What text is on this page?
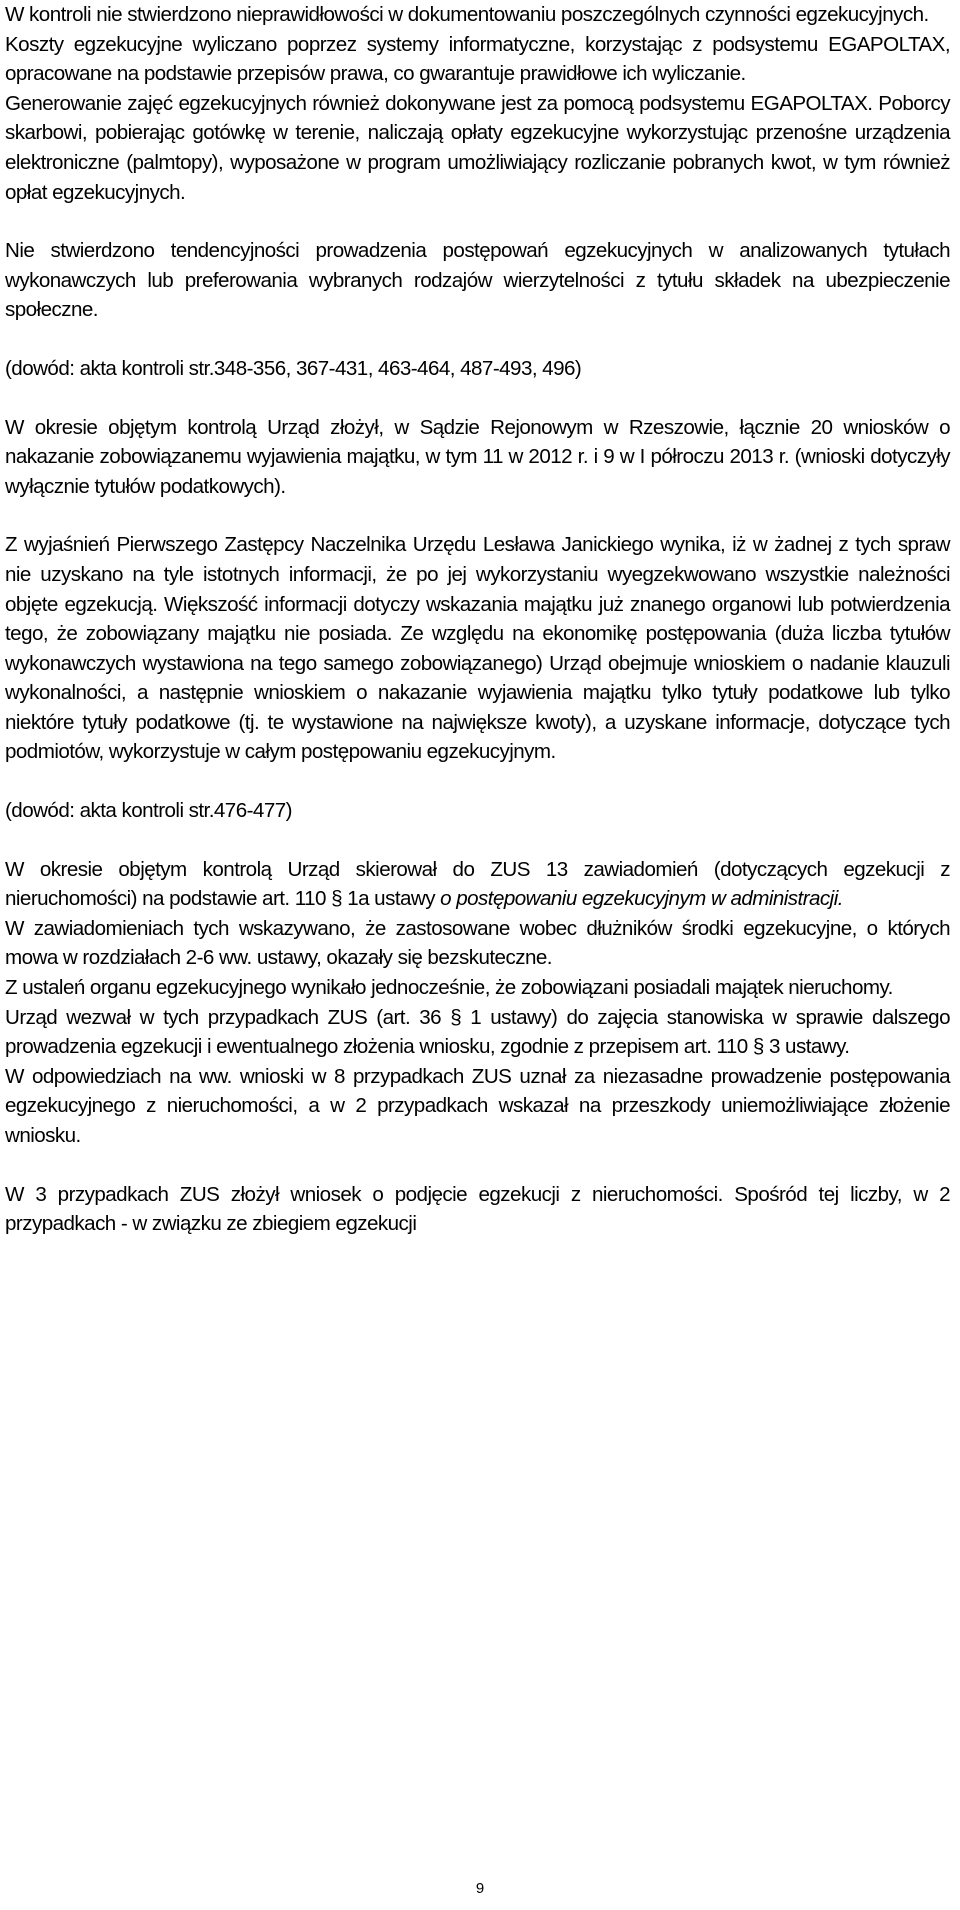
W kontroli nie stwierdzono nieprawidłowości w dokumentowaniu poszczególnych czynności egzekucyjnych.

Koszty egzekucyjne wyliczano poprzez systemy informatyczne, korzystając z podsystemu EGAPOLTAX, opracowane na podstawie przepisów prawa, co gwarantuje prawidłowe ich wyliczanie.

Generowanie zajęć egzekucyjnych również dokonywane jest za pomocą podsystemu EGAPOLTAX. Poborcy skarbowi, pobierając gotówkę w terenie, naliczają opłaty egzekucyjne wykorzystując przenośne urządzenia elektroniczne (palmtopy), wyposażone w program umożliwiający rozliczanie pobranych kwot, w tym również opłat egzekucyjnych.

Nie stwierdzono tendencyjności prowadzenia postępowań egzekucyjnych w analizowanych tytułach wykonawczych lub preferowania wybranych rodzajów wierzytelności z tytułu składek na ubezpieczenie społeczne.

(dowód: akta kontroli str.348-356, 367-431, 463-464, 487-493, 496)

W okresie objętym kontrolą Urząd złożył, w Sądzie Rejonowym w Rzeszowie, łącznie 20 wniosków o nakazanie zobowiązanemu wyjawienia majątku, w tym 11 w 2012 r. i 9 w I półroczu 2013 r. (wnioski dotyczyły wyłącznie tytułów podatkowych).

Z wyjaśnień Pierwszego Zastępcy Naczelnika Urzędu Lesława Janickiego wynika, iż w żadnej z tych spraw nie uzyskano na tyle istotnych informacji, że po jej wykorzystaniu wyegzekwowano wszystkie należności objęte egzekucją. Większość informacji dotyczy wskazania majątku już znanego organowi lub potwierdzenia tego, że zobowiązany majątku nie posiada. Ze względu na ekonomikę postępowania (duża liczba tytułów wykonawczych wystawiona na tego samego zobowiązanego) Urząd obejmuje wnioskiem o nadanie klauzuli wykonalności, a następnie wnioskiem o nakazanie wyjawienia majątku tylko tytuły podatkowe lub tylko niektóre tytuły podatkowe (tj. te wystawione na największe kwoty), a uzyskane informacje, dotyczące tych podmiotów, wykorzystuje w całym postępowaniu egzekucyjnym.

(dowód: akta kontroli str.476-477)

W okresie objętym kontrolą Urząd skierował do ZUS 13 zawiadomień (dotyczących egzekucji z nieruchomości) na podstawie art. 110 § 1a ustawy o postępowaniu egzekucyjnym w administracji.

W zawiadomieniach tych wskazywano, że zastosowane wobec dłużników środki egzekucyjne, o których mowa w rozdziałach 2-6 ww. ustawy, okazały się bezskuteczne.

Z ustaleń organu egzekucyjnego wynikało jednocześnie, że zobowiązani posiadali majątek nieruchomy.

Urząd wezwał w tych przypadkach ZUS (art. 36 § 1 ustawy) do zajęcia stanowiska w sprawie dalszego prowadzenia egzekucji i ewentualnego złożenia wniosku, zgodnie z przepisem art. 110 § 3 ustawy.

W odpowiedziach na ww. wnioski w 8 przypadkach ZUS uznał za niezasadne prowadzenie postępowania egzekucyjnego z nieruchomości, a w 2 przypadkach wskazał na przeszkody uniemożliwiające złożenie wniosku.

W 3 przypadkach ZUS złożył wniosek o podjęcie egzekucji z nieruchomości. Spośród tej liczby, w 2 przypadkach - w związku ze zbiegiem egzekucji

9
